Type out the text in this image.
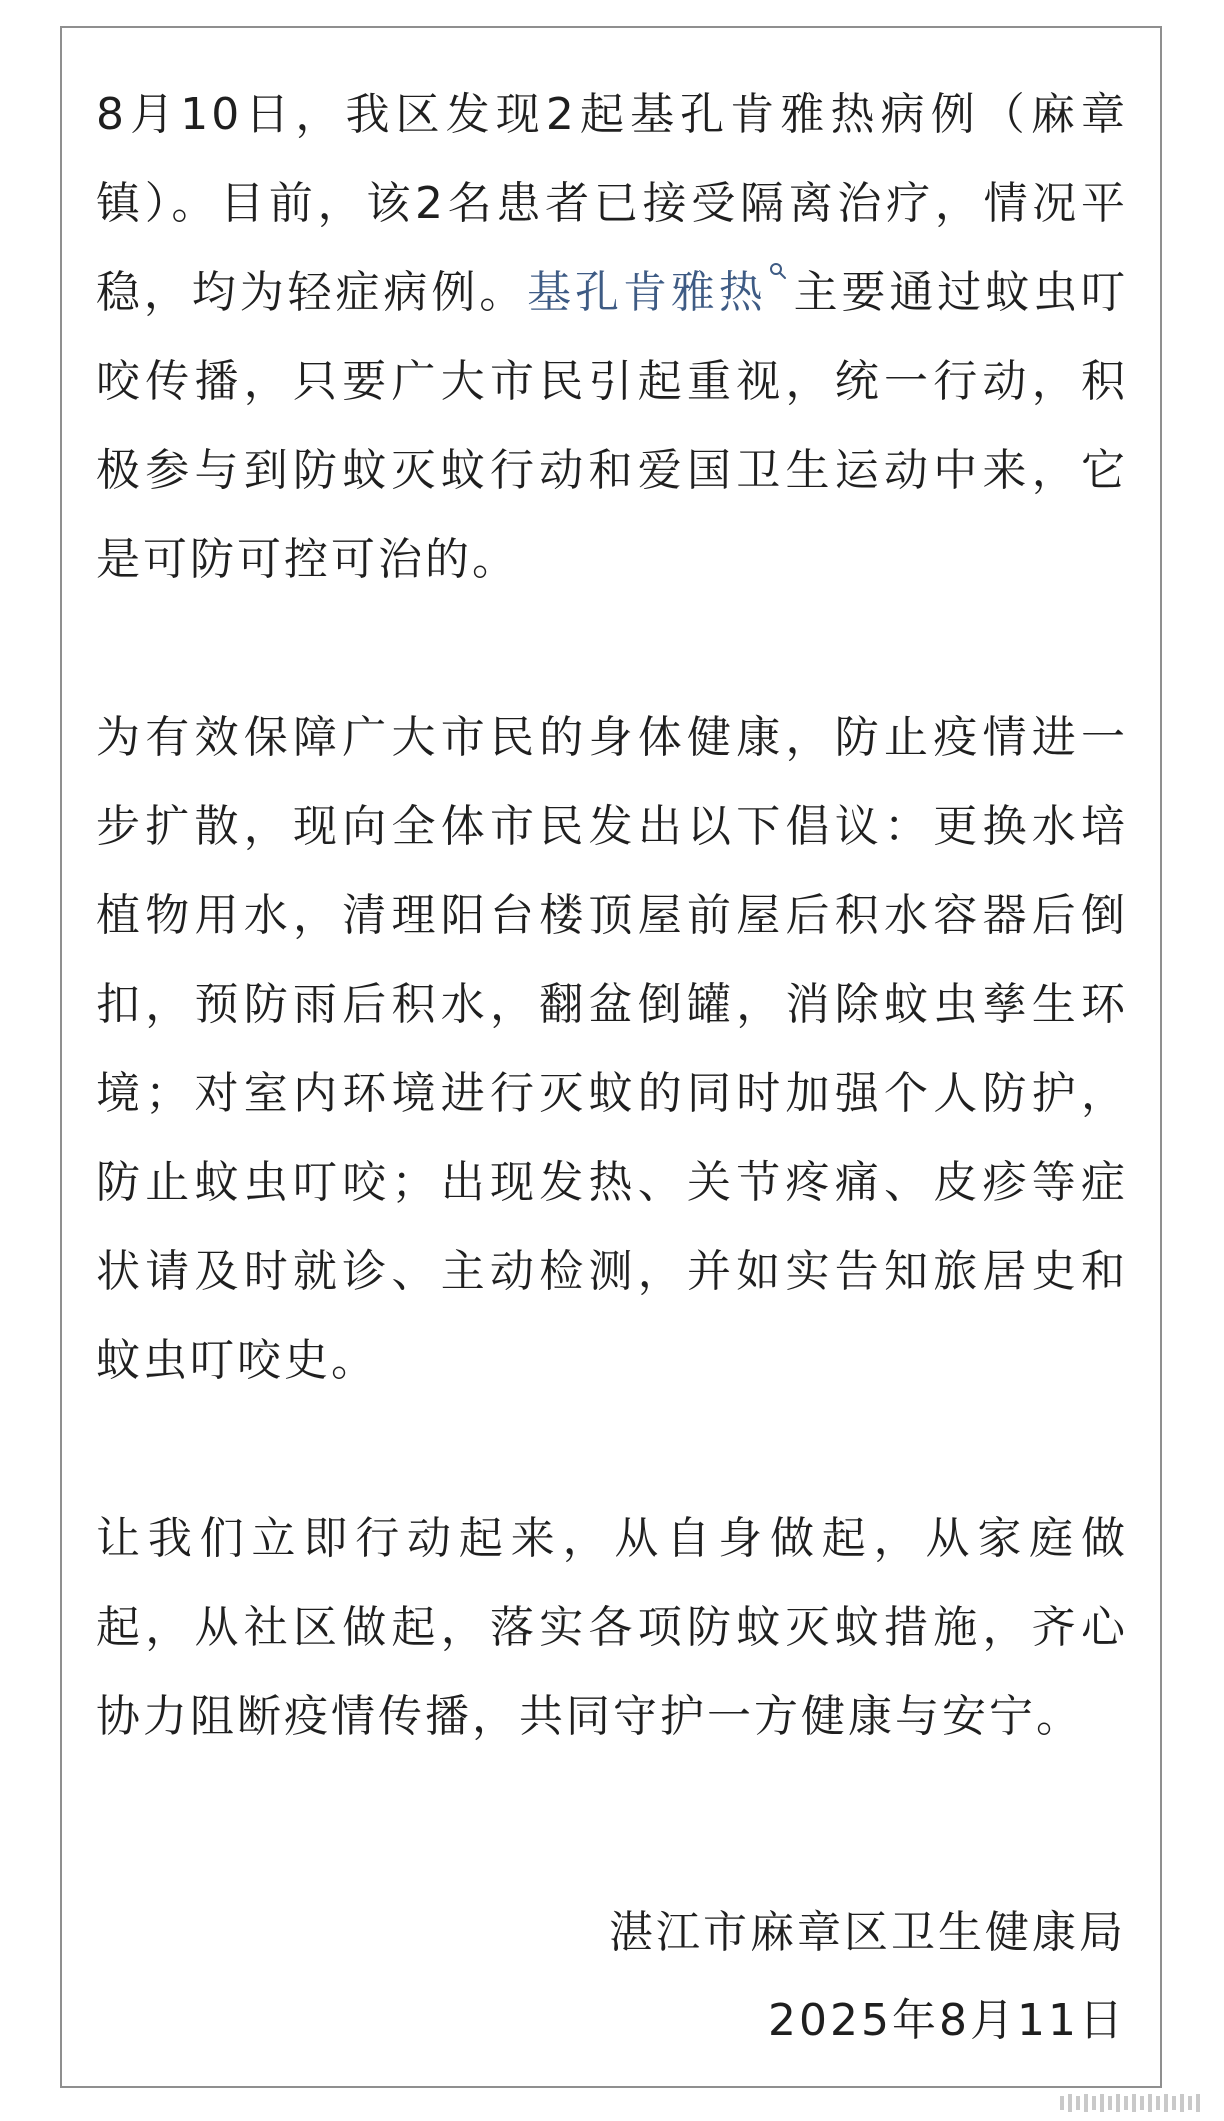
8月10日，我区发现2起基孔肯雅热病例（麻章镇）。目前，该2名患者已接受隔离治疗，情况平稳，均为轻症病例。基孔肯雅热 主要通过蚊虫叮咬传播，只要广大市民引起重视，统一行动，积极参与到防蚊灭蚊行动和爱国卫生运动中来，它是可防可控可治的。

为有效保障广大市民的身体健康，防止疫情进一步扩散，现向全体市民发出以下倡议：更换水培植物用水，清理阳台楼顶屋前屋后积水容器后倒扣，预防雨后积水，翻盆倒罐，消除蚊虫孳生环境；对室内环境进行灭蚊的同时加强个人防护，防止蚊虫叮咬；出现发热、关节疼痛、皮疹等症状请及时就诊、主动检测，并如实告知旅居史和蚊虫叮咬史。

让我们立即行动起来，从自身做起，从家庭做起，从社区做起，落实各项防蚊灭蚊措施，齐心协力阻断疫情传播，共同守护一方健康与安宁。

湛江市麻章区卫生健康局
2025年8月11日
